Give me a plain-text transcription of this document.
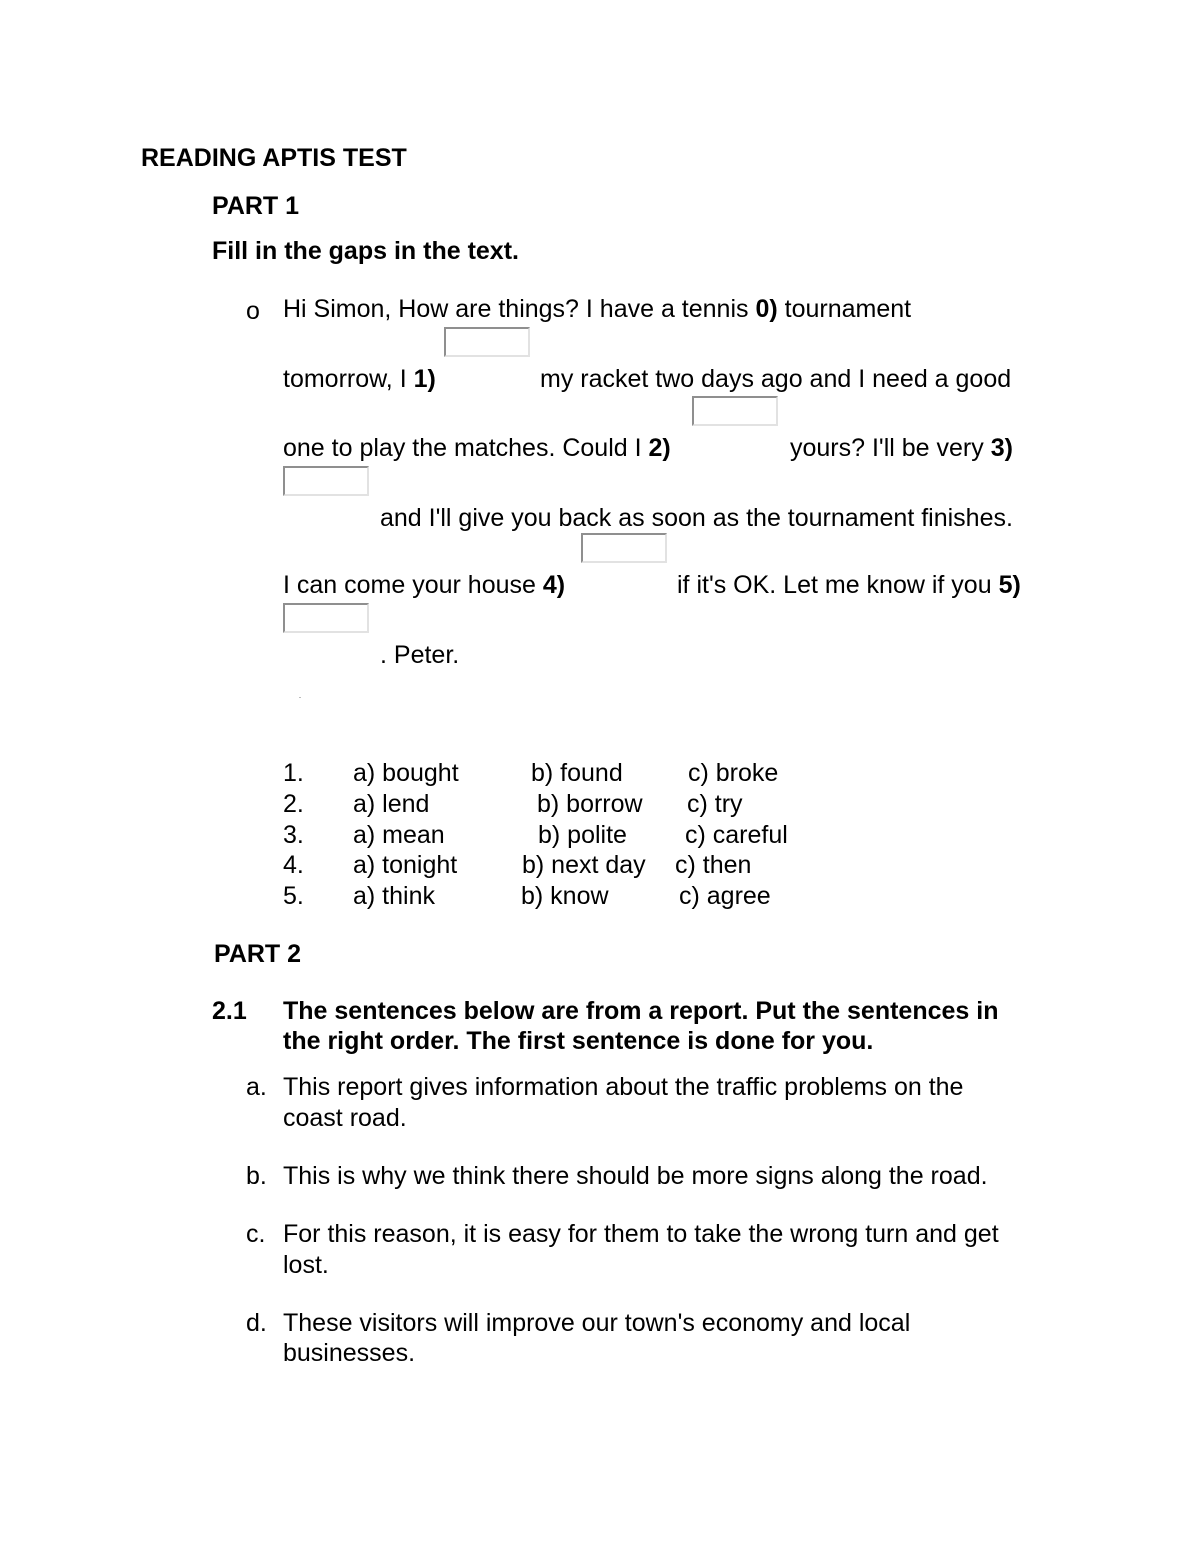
READING APTIS TEST
PART 1
Fill in the gaps in the text.
o Hi Simon, How are things? I have a tennis 0) tournament
tomorrow, I 1)	my racket two days ago and I need a good
one to play the matches. Could I 2)	yours? I'll be very 3)
and I'll give you back as soon as the tournament finishes.
I can come your house 4)	if it's OK. Let me know if you 5)
. Peter.
1. a) bought	b) found	c) broke
2. a) lend	b) borrow c) try
3. a) mean	b) polite c) careful
4. a) tonight	b) next day c) then
5. a) think	b) know	c) agree
PART 2
2.1 The sentences below are from a report. Put the sentences in
the right order. The first sentence is done for you.
a. This report gives information about the traffic problems on the
coast road.
b. This is why we think there should be more signs along the road.
c. For this reason, it is easy for them to take the wrong turn and get
lost.
d. These visitors will improve our town's economy and local
businesses.
